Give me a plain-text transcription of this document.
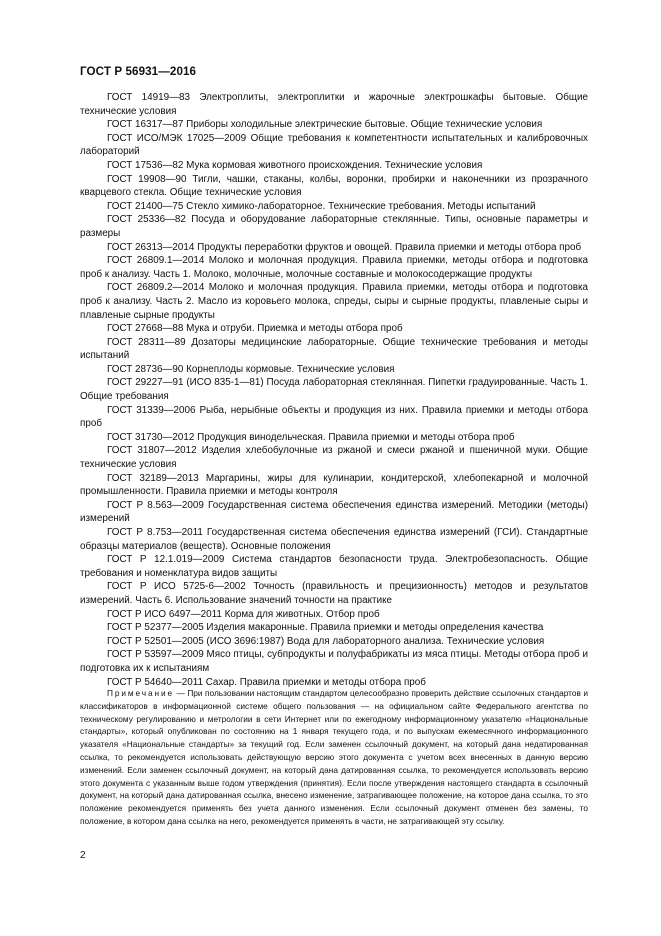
ГОСТ Р 56931—2016

ГОСТ 14919—83 Электроплиты, электроплитки и жарочные электрошкафы бытовые. Общие технические условия

ГОСТ 16317—87 Приборы холодильные электрические бытовые. Общие технические условия

ГОСТ ИСО/МЭК 17025—2009 Общие требования к компетентности испытательных и калибровочных лабораторий

ГОСТ 17536—82 Мука кормовая животного происхождения. Технические условия

ГОСТ 19908—90 Тигли, чашки, стаканы, колбы, воронки, пробирки и наконечники из прозрачного кварцевого стекла. Общие технические условия

ГОСТ 21400—75 Стекло химико-лабораторное. Технические требования. Методы испытаний

ГОСТ 25336—82 Посуда и оборудование лабораторные стеклянные. Типы, основные параметры и размеры

ГОСТ 26313—2014 Продукты переработки фруктов и овощей. Правила приемки и методы отбора проб

ГОСТ 26809.1—2014 Молоко и молочная продукция. Правила приемки, методы отбора и подготовка проб к анализу. Часть 1. Молоко, молочные, молочные составные и молокосодержащие продукты

ГОСТ 26809.2—2014 Молоко и молочная продукция. Правила приемки, методы отбора и подготовка проб к анализу. Часть 2. Масло из коровьего молока, спреды, сыры и сырные продукты, плавленые сыры и плавленые сырные продукты

ГОСТ 27668—88 Мука и отруби. Приемка и методы отбора проб

ГОСТ 28311—89 Дозаторы медицинские лабораторные. Общие технические требования и методы испытаний

ГОСТ 28736—90 Корнеплоды кормовые. Технические условия

ГОСТ 29227—91 (ИСО 835-1—81) Посуда лабораторная стеклянная. Пипетки градуированные. Часть 1. Общие требования

ГОСТ 31339—2006 Рыба, нерыбные объекты и продукция из них. Правила приемки и методы отбора проб

ГОСТ 31730—2012 Продукция винодельческая. Правила приемки и методы отбора проб

ГОСТ 31807—2012 Изделия хлебобулочные из ржаной и смеси ржаной и пшеничной муки. Общие технические условия

ГОСТ 32189—2013 Маргарины, жиры для кулинарии, кондитерской, хлебопекарной и молочной промышленности. Правила приемки и методы контроля

ГОСТ Р 8.563—2009 Государственная система обеспечения единства измерений. Методики (методы) измерений

ГОСТ Р 8.753—2011 Государственная система обеспечения единства измерений (ГСИ). Стандартные образцы материалов (веществ). Основные положения

ГОСТ Р 12.1.019—2009 Система стандартов безопасности труда. Электробезопасность. Общие требования и номенклатура видов защиты

ГОСТ Р ИСО 5725-6—2002 Точность (правильность и прецизионность) методов и результатов измерений. Часть 6. Использование значений точности на практике

ГОСТ Р ИСО 6497—2011 Корма для животных. Отбор проб

ГОСТ Р 52377—2005 Изделия макаронные. Правила приемки и методы определения качества

ГОСТ Р 52501—2005 (ИСО 3696:1987) Вода для лабораторного анализа. Технические условия

ГОСТ Р 53597—2009 Мясо птицы, субпродукты и полуфабрикаты из мяса птицы. Методы отбора проб и подготовка их к испытаниям

ГОСТ Р 54640—2011 Сахар. Правила приемки и методы отбора проб

Примечание — При пользовании настоящим стандартом целесообразно проверить действие ссылочных стандартов и классификаторов в информационной системе общего пользования — на официальном сайте Федерального агентства по техническому регулированию и метрологии в сети Интернет или по ежегодному информационному указателю «Национальные стандарты», который опубликован по состоянию на 1 января текущего года, и по выпускам ежемесячного информационного указателя «Национальные стандарты» за текущий год. Если заменен ссылочный документ, на который дана недатированная ссылка, то рекомендуется использовать действующую версию этого документа с учетом всех внесенных в данную версию изменений. Если заменен ссылочный документ, на который дана датированная ссылка, то рекомендуется использовать версию этого документа с указанным выше годом утверждения (принятия). Если после утверждения настоящего стандарта в ссылочный документ, на который дана датированная ссылка, внесено изменение, затрагивающее положение, на которое дана ссылка, то это положение рекомендуется применять без учета данного изменения. Если ссылочный документ отменен без замены, то положение, в котором дана ссылка на него, рекомендуется применять в части, не затрагивающей эту ссылку.

2
